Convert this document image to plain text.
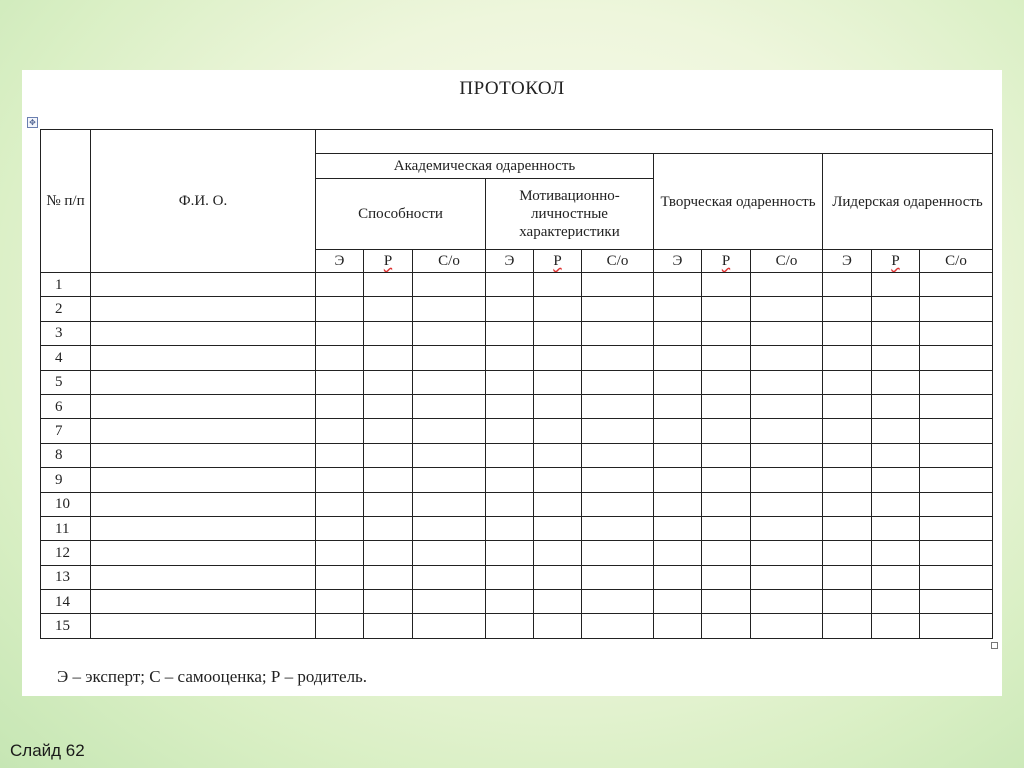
ПРОТОКОЛ
✥
№ п/п	Ф.И. О.												
		Академическая одаренность						Творческая одаренность			Лидерская одаренность		
		Способности			Мотивационно-личностные характеристики								
		Э	Р	С/о	Э	Р	С/о	Э	Р	С/о	Э	Р	С/о
1													
2													
3													
4													
5													
6													
7													
8													
9													
10													
11													
12													
13													
14													
15													
Э – эксперт; С – самооценка; Р – родитель.
Слайд 62
